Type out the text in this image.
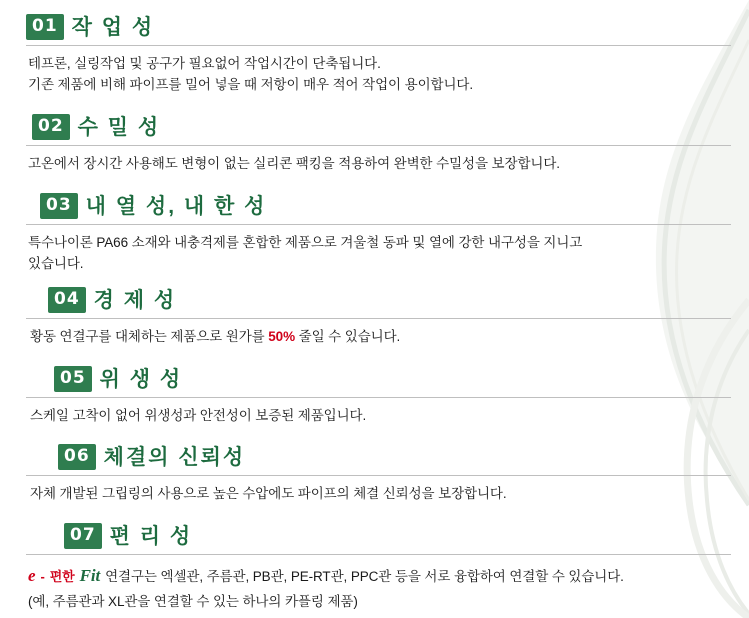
01 작 업 성

테프론, 실링작업 및 공구가 필요없어 작업시간이 단축됩니다.

기존 제품에 비해 파이프를 밀어 넣을 때 저항이 매우 적어 작업이 용이합니다.

02 수 밀 성

고온에서 장시간 사용해도 변형이 없는 실리콘 팩킹을 적용하여 완벽한 수밀성을 보장합니다.

03 내 열 성, 내 한 성

특수나이론 PA66 소재와 내충격제를 혼합한 제품으로 겨울철 동파 및 열에 강한 내구성을 지니고

있습니다.

04 경 제 성

황동 연결구를 대체하는 제품으로 원가를 50% 줄일 수 있습니다.

05 위 생 성

스케일 고착이 없어 위생성과 안전성이 보증된 제품입니다.

06 체결의 신뢰성

자체 개발된 그립링의 사용으로 높은 수압에도 파이프의 체결 신뢰성을 보장합니다.

07 편 리 성
e - 편한 Fit 연결구는 엑셀관, 주름관, PB관, PE-RT관, PPC관 등을 서로 융합하여 연결할 수 있습니다.
(예, 주름관과 XL관을 연결할 수 있는 하나의 카플링 제품)
